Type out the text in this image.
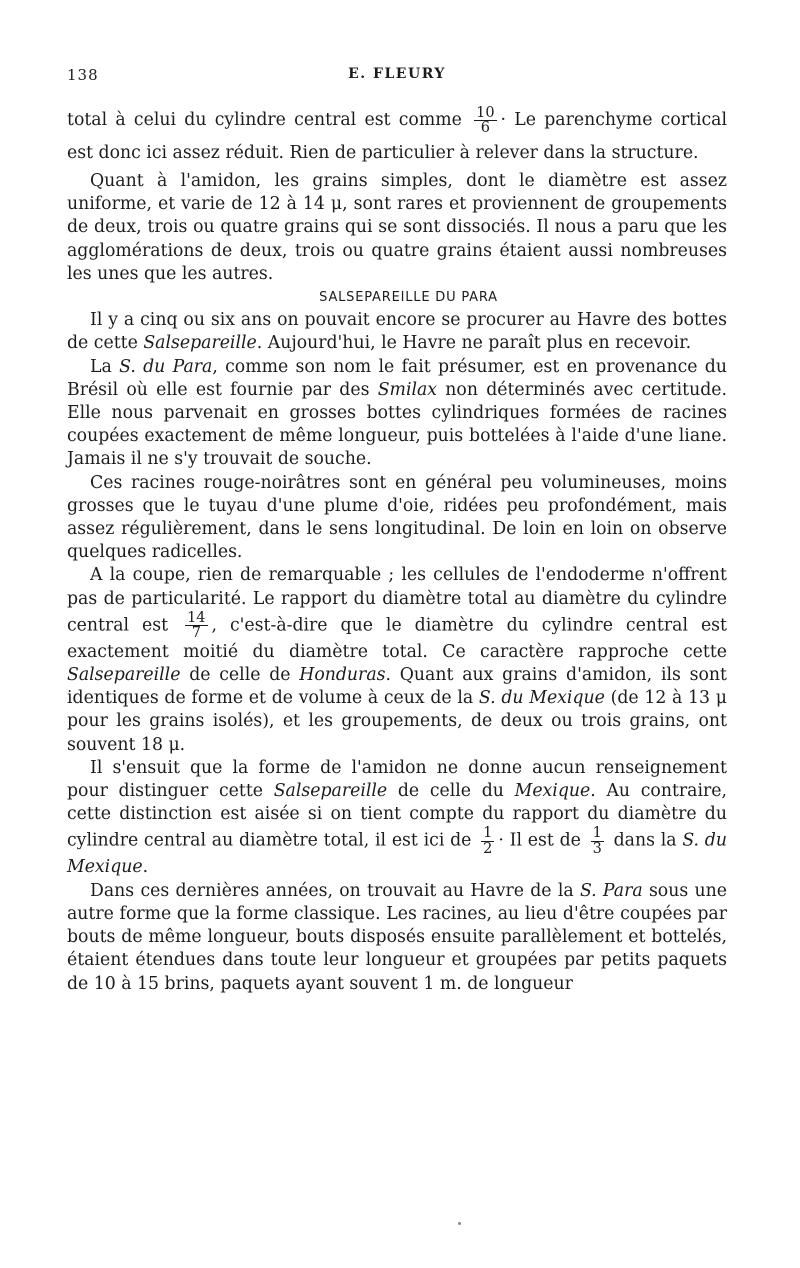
138	E. FLEURY

total à celui du cylindre central est comme $\frac{10}{6} \cdot Le$ parenchyme cortical est donc ici assez réduit. Rien de particulier à relever dans la structure.

Quant à l'amidon, les grains simples, dont le diamètre est assez uniforme, et varie de 12 à 14 μ, sont rares et proviennent de groupements de deux, trois ou quatre grains qui se sont dissociés. Il nous a paru que les agglomérations de deux, trois ou quatre grains étaient aussi nombreuses les unes que les autres.

SALSEPAREILLE DU PARA

Il y a cinq ou six ans on pouvait encore se procurer au Havre des bottes de cette Salsepareille. Aujourd'hui, le Havre ne paraît plus en recevoir.

La S. du Para, comme son nom le fait présumer, est en provenance du Brésil où elle est fournie par des Smilax non déterminés avec certitude. Elle nous parvenait en grosses bottes cylindriques formées de racines coupées exactement de même longueur, puis bottelées à l'aide d'une liane. Jamais il ne s'y trouvait de souche.

Ces racines rouge-noirâtres sont en général peu volumineuses, moins grosses que le tuyau d'une plume d'oie, ridées peu profondément, mais assez régulièrement, dans le sens longitudinal. De loin en loin on observe quelques radicelles.

A la coupe, rien de remarquable ; les cellules de l'endoderme n'offrent pas de particularité. Le rapport du diamètre total au diamètre du cylindre central est $\frac{14}{7}$ , c'est-à-dire que le diamètre du cylindre central est exactement moitié du diamètre total. Ce caractère rapproche cette Salsepareille de celle de Honduras. Quant aux grains d'amidon, ils sont identiques de forme et de volume à ceux de la S. du Mexique (de 12 à 13 μ pour les grains isolés), et les groupements, de deux ou trois grains, ont souvent 18 μ.

Il s'ensuit que la forme de l'amidon ne donne aucun renseignement pour distinguer cette Salsepareille de celle du Mexique. Au contraire, cette distinction est aisée si on tient compte du rapport du diamètre du cylindre central au diamètre total, il est ici de $\frac{1}{2} \cdot Il$ est de $\frac{1}{3}$ dans la S. du Mexique.

Dans ces dernières années, on trouvait au Havre de la S. Para sous une autre forme que la forme classique. Les racines, au lieu d'être coupées par bouts de même longueur, bouts disposés ensuite parallèlement et bottelés, étaient étendues dans toute leur longueur et groupées par petits paquets de 10 à 15 brins, paquets ayant souvent 1 m. de longueur
